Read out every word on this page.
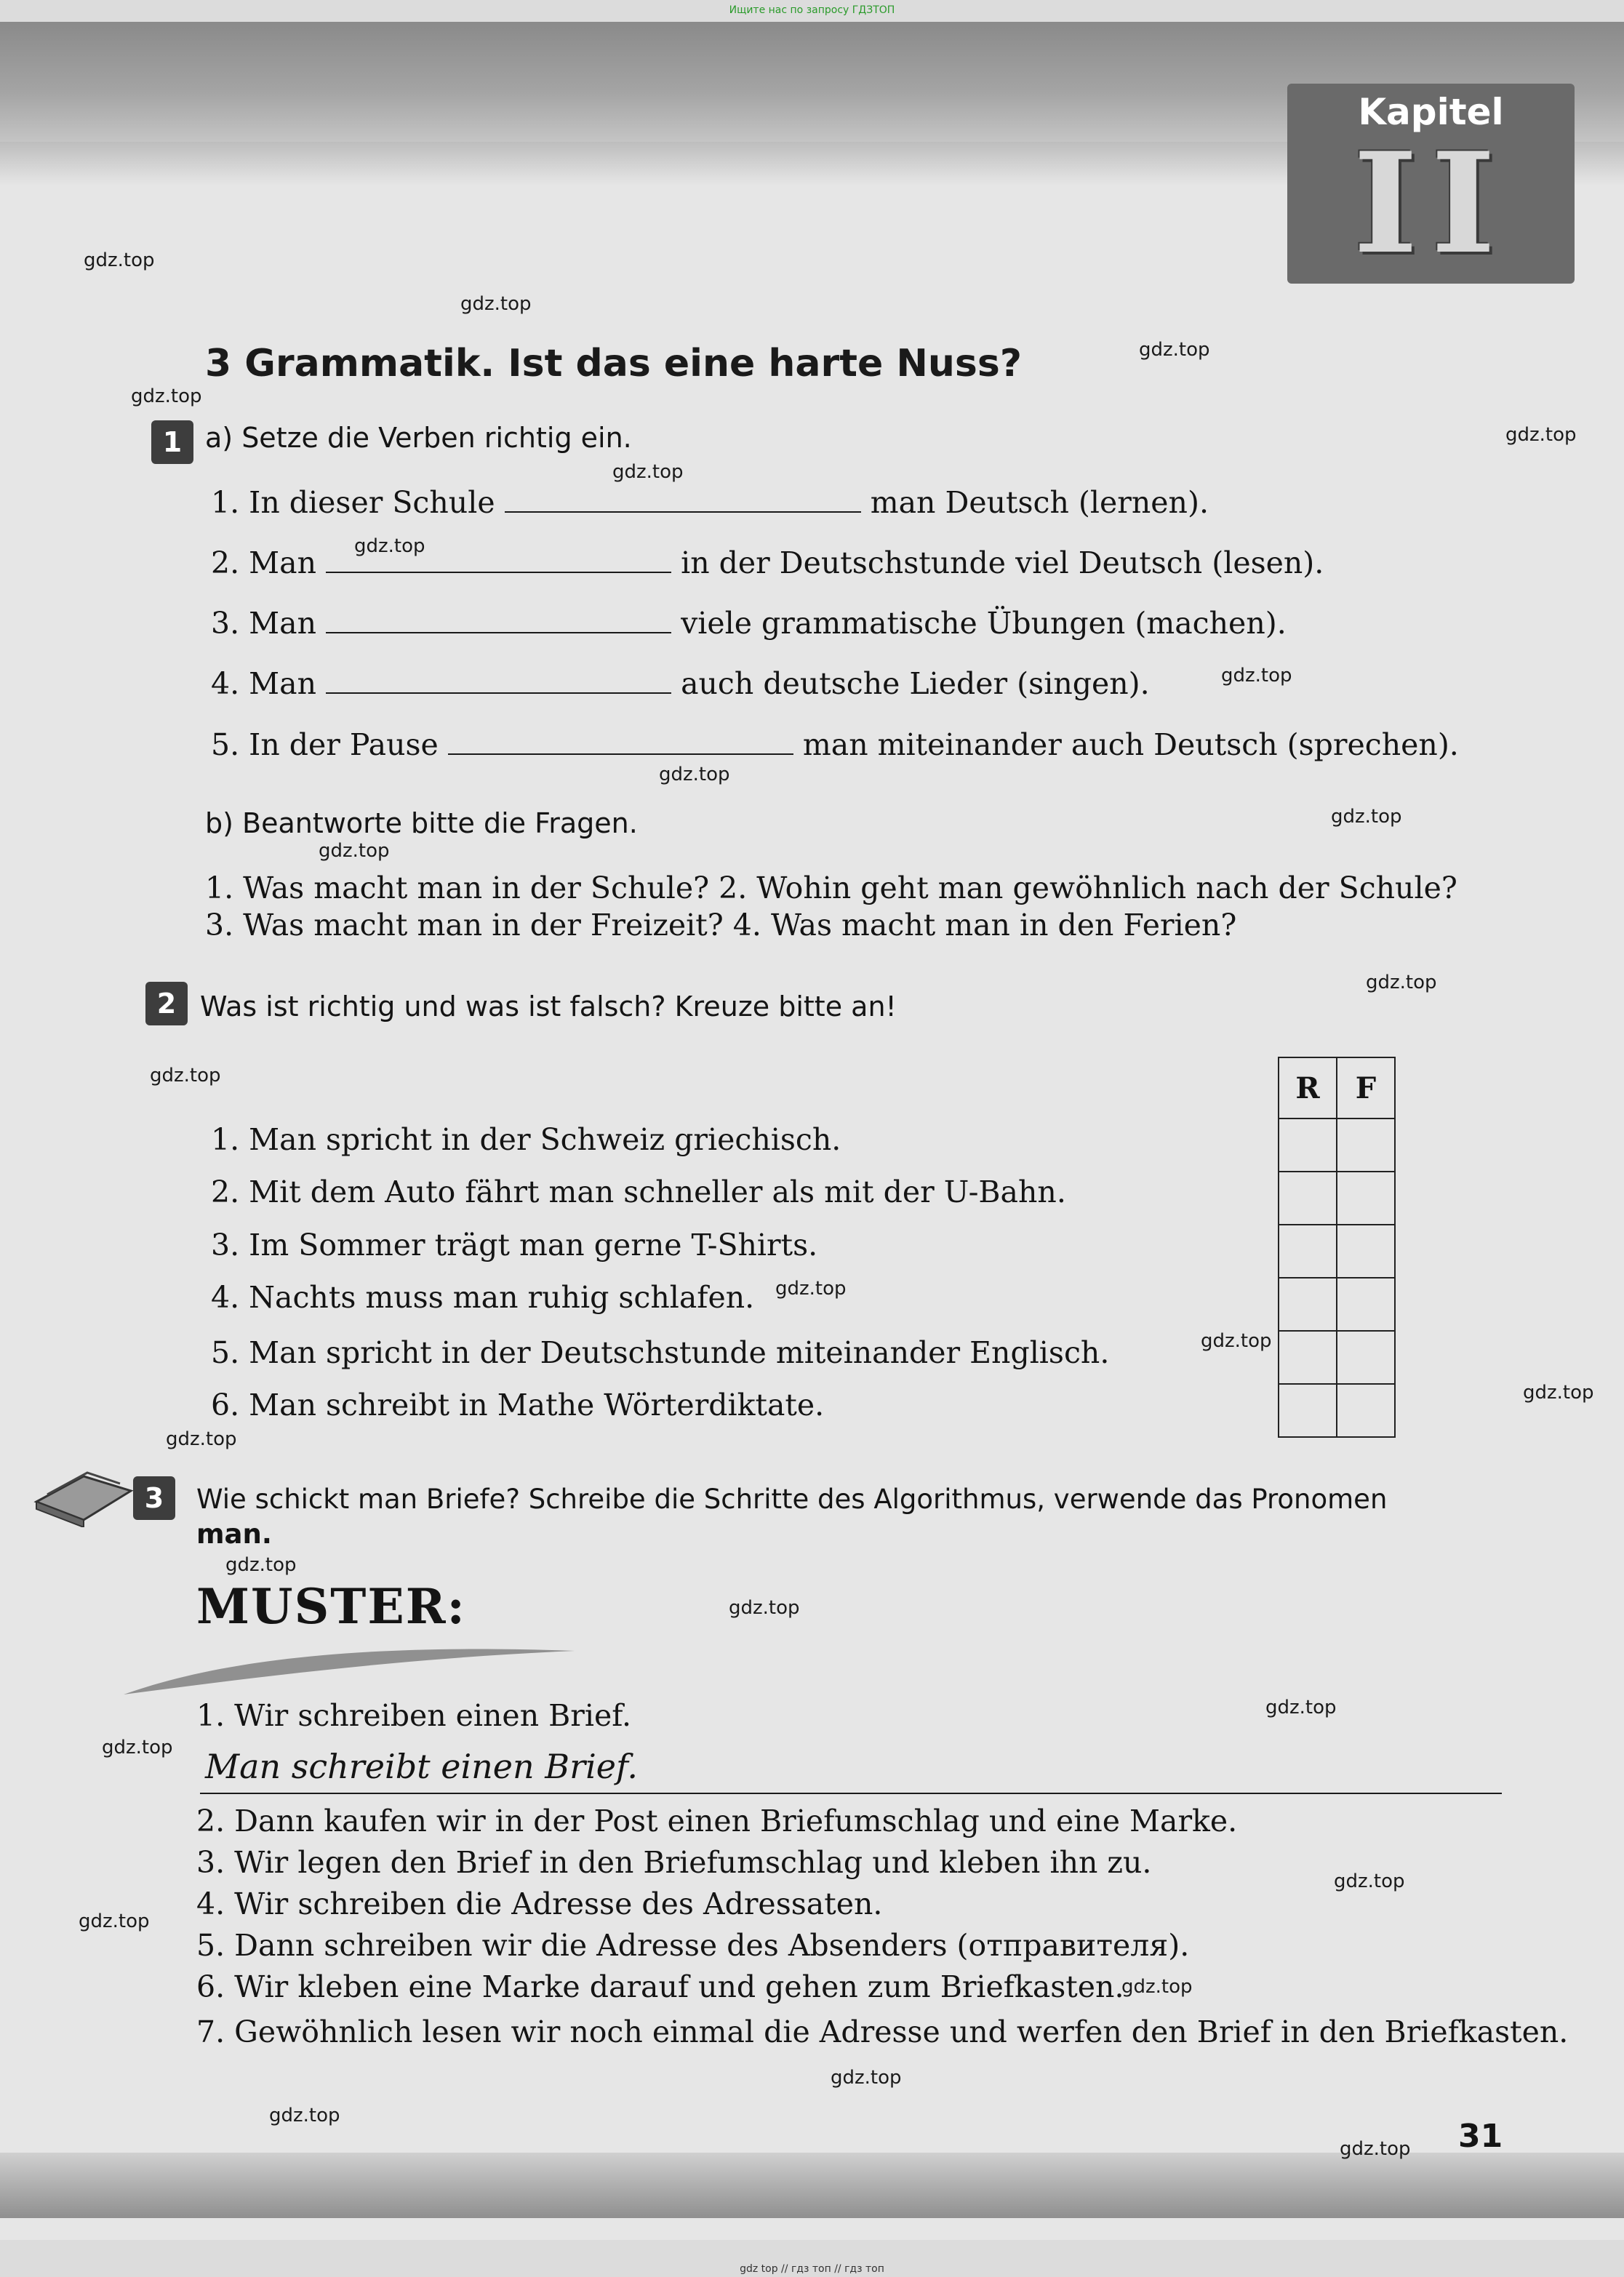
Ищите нас по запросу ГДЗТОП
Kapitel
II
gdz.top
gdz.top
gdz.top
gdz.top
gdz.top
gdz.top
gdz.top
gdz.top
gdz.top
gdz.top
gdz.top
gdz.top
gdz.top
gdz.top
gdz.top
gdz.top
gdz.top
gdz.top
gdz.top
gdz.top
gdz.top
gdz.top
gdz.top
gdz.top
gdz.top
gdz.top
gdz.top
3 Grammatik. Ist das eine harte Nuss?
1 a) Setze die Verben richtig ein.
1. In dieser Schule	man Deutsch (lernen).
2. Man	in der Deutschstunde viel Deutsch (lesen).
3. Man	viele grammatische Übungen (machen).
4. Man	auch deutsche Lieder (singen).
5. In der Pause	man miteinander auch Deutsch (sprechen).
b) Beantworte bitte die Fragen.
1. Was macht man in der Schule? 2. Wohin geht man gewöhnlich nach der Schule?
3. Was macht man in der Freizeit? 4. Was macht man in den Ferien?
2 Was ist richtig und was ist falsch? Kreuze bitte an!
1. Man spricht in der Schweiz griechisch.
2. Mit dem Auto fährt man schneller als mit der U-Bahn.
3. Im Sommer trägt man gerne T-Shirts.
4. Nachts muss man ruhig schlafen.
5. Man spricht in der Deutschstunde miteinander Englisch.
6. Man schreibt in Mathe Wörterdiktate.
R	F

3	Wie schickt man Briefe? Schreibe die Schritte des Algorithmus, verwende das Pronomen
man.
MUSTER:
1. Wir schreiben einen Brief.
Man schreibt einen Brief.
2. Dann kaufen wir in der Post einen Briefumschlag und eine Marke.
3. Wir legen den Brief in den Briefumschlag und kleben ihn zu.
4. Wir schreiben die Adresse des Adressaten.
5. Dann schreiben wir die Adresse des Absenders (отправителя).
6. Wir kleben eine Marke darauf und gehen zum Briefkasten.
7. Gewöhnlich lesen wir noch einmal die Adresse und werfen den Brief in den Briefkasten.
31
gdz top // гдз топ // гдз топ
